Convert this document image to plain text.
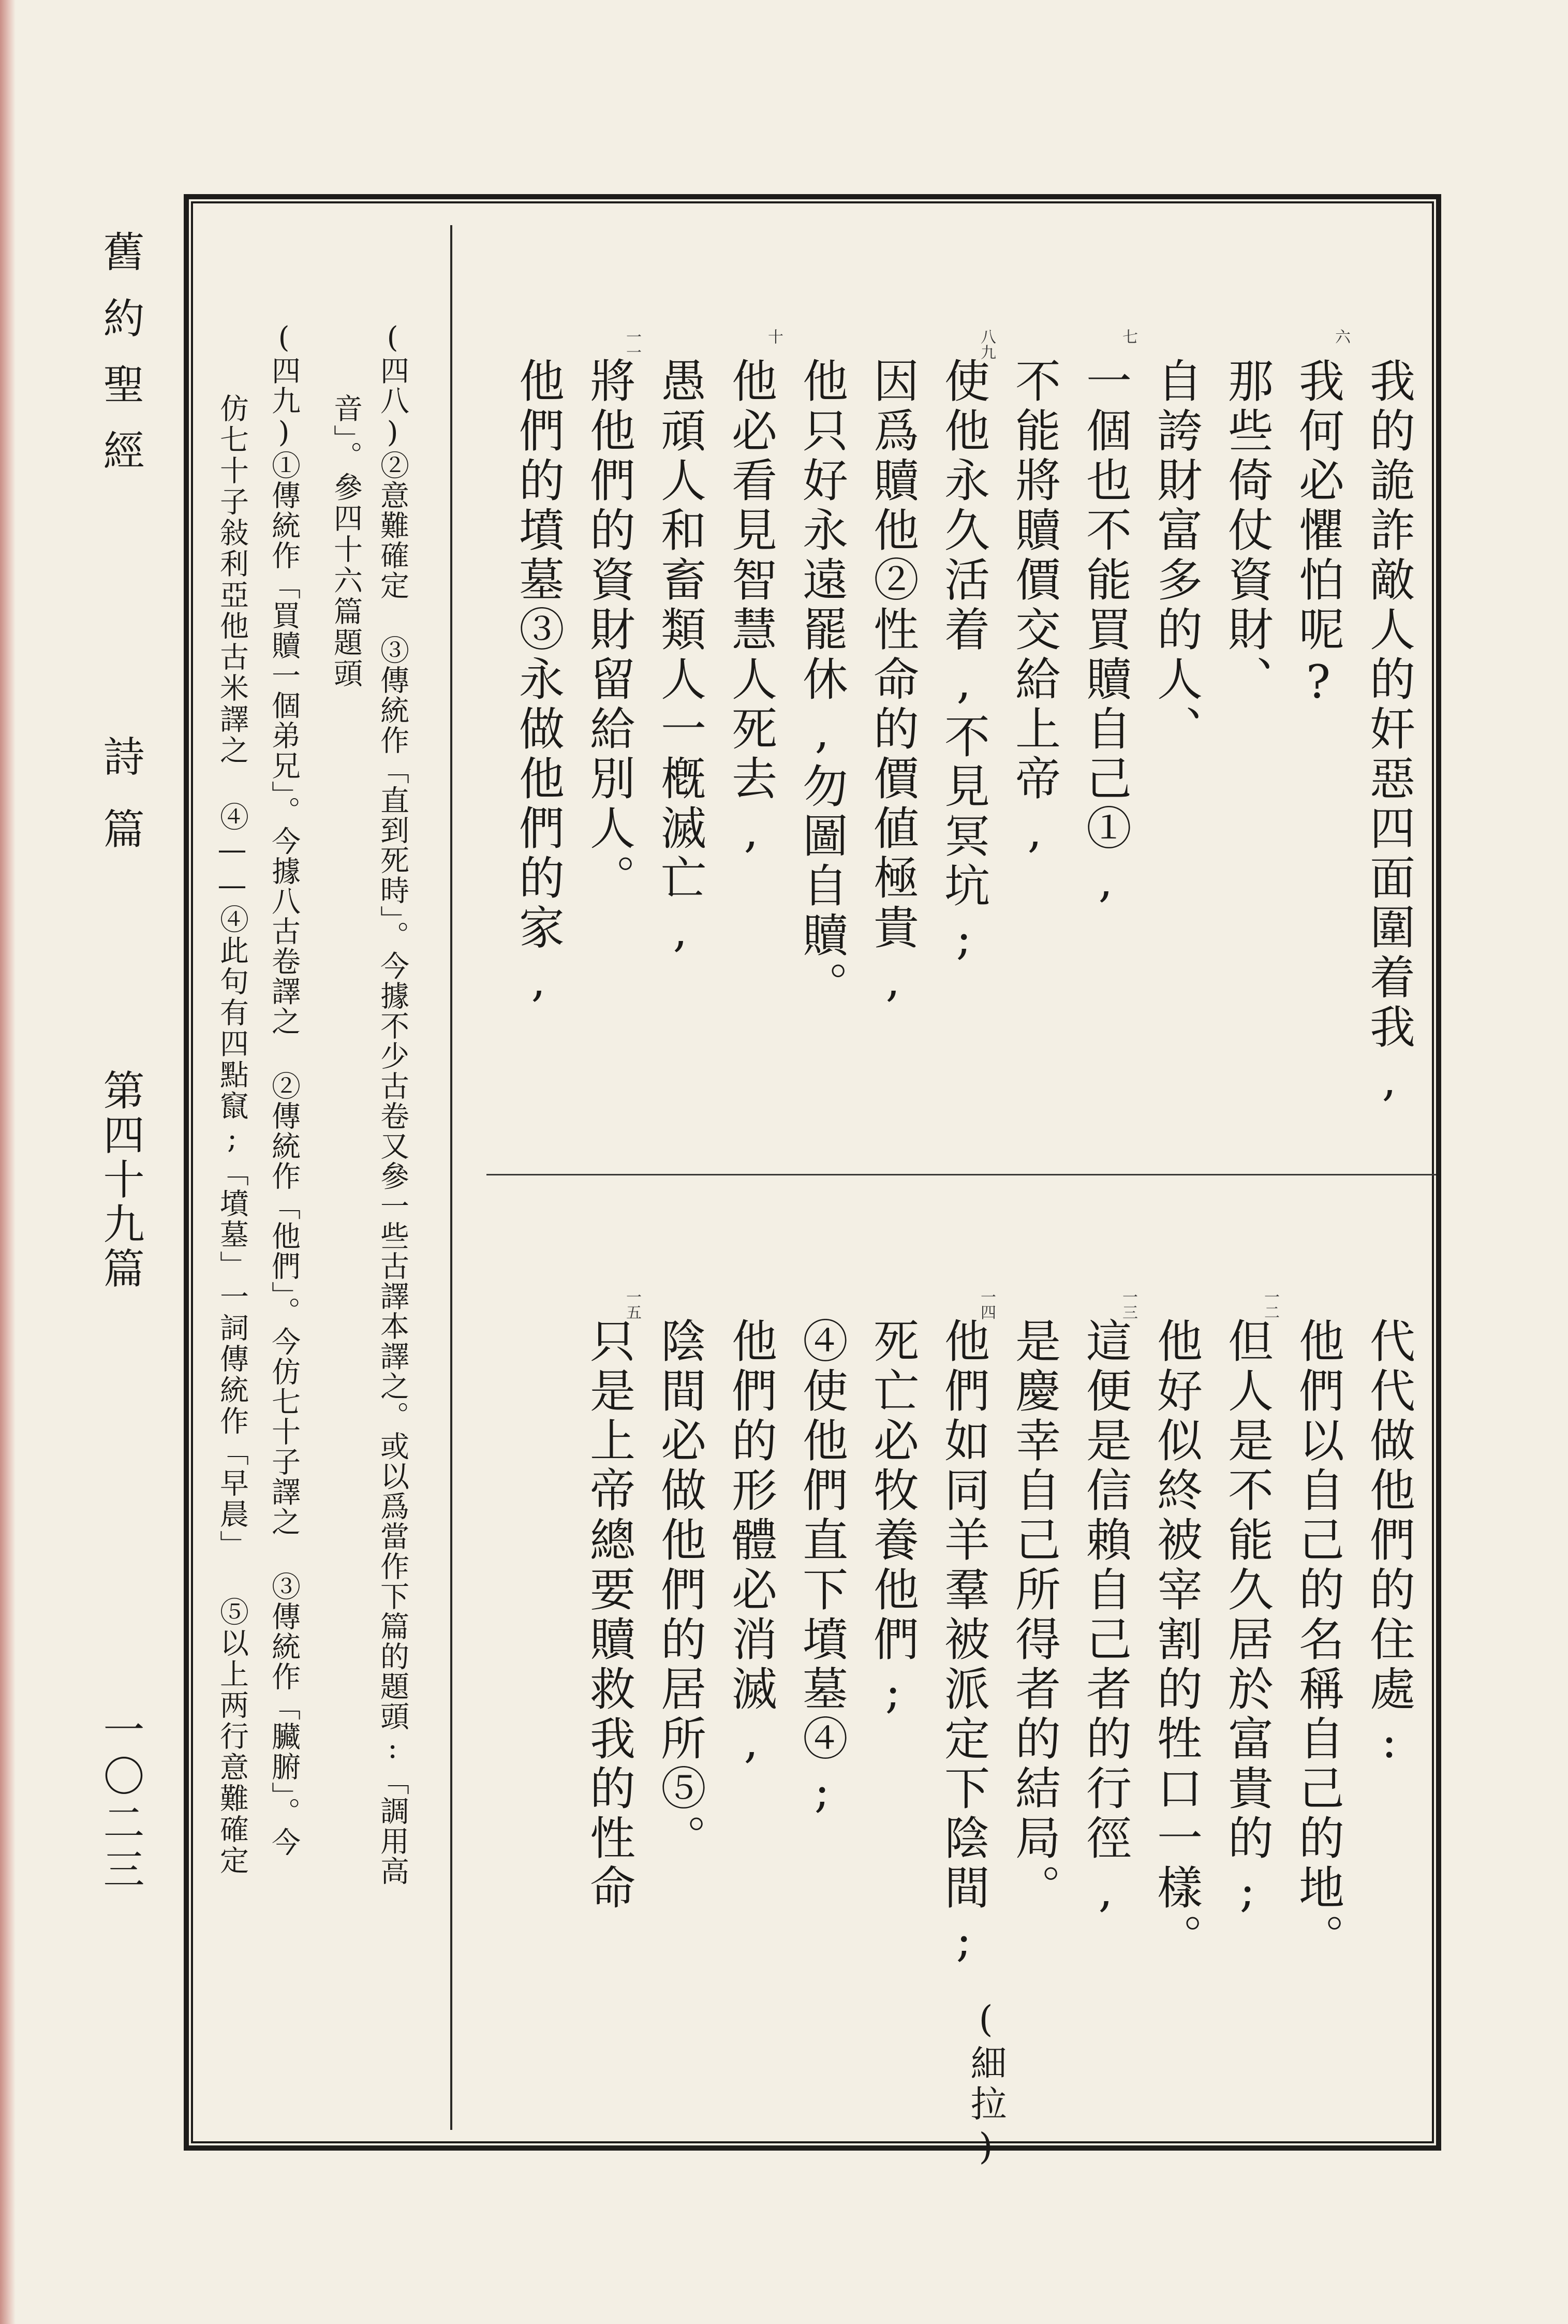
舊約聖經
詩篇
第四十九篇
一〇二三
我的詭詐敵人的奸惡四面圍着我,
六
我何必懼怕呢?
那些倚仗資財、
自誇財富多的人、
七
一個也不能買贖自己①,
不能將贖價交給上帝,
八九
使他永久活着,不見冥坑;
因爲贖他②性命的價値極貴,
他只好永遠罷休,勿圖自贖。
十
他必看見智慧人死去,
愚頑人和畜類人一槪滅亡,
一一
將他們的資財留給別人。
他們的墳墓③永做他們的家,
代代做他們的住處:
他們以自己的名稱自己的地。
一二
但人是不能久居於富貴的;
他好似終被宰割的牲口一樣。
一三
這便是信賴自己者的行徑,
是慶幸自己所得者的結局。
一四
他們如同羊羣被派定下陰間;
死亡必牧養他們;
④使他們直下墳墓④;
他們的形體必消滅,
陰間必做他們的居所⑤。
一五
只是上帝總要贖救我的性命
(細拉)
(四八)②意難確定 ③傳統作「直到死時」。今據不少古卷又參一些古譯本譯之。或以爲當作下篇的題頭:「調用高
音」。參四十六篇題頭
(四九)①傳統作「買贖一個弟兄」。今據八古卷譯之 ②傳統作「他們」。今仿七十子譯之 ③傳統作「臟腑」。今
仿七十子敍利亞他古米譯之 ④——④此句有四點竄;「墳墓」一詞傳統作「早晨」 ⑤以上两行意難確定
